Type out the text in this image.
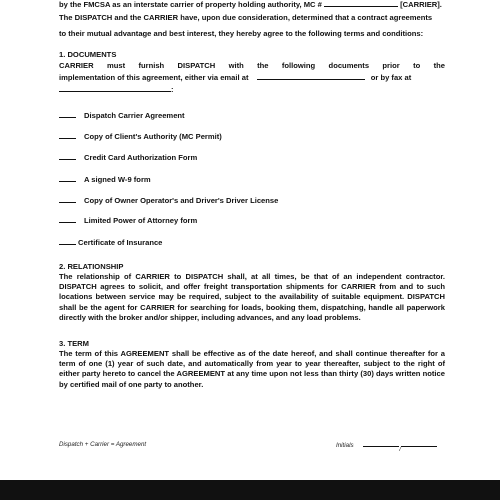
by the FMCSA as an interstate carrier of property holding authority, MC #	[CARRIER].
The DISPATCH and the CARRIER have, upon due consideration, determined that a contract agreements
to their mutual advantage and best interest, they hereby agree to the following terms and conditions:
1. DOCUMENTS
CARRIER must furnish DISPATCH with the following documents prior to the
implementation of this agreement, either via email at	or by fax at
:
Dispatch Carrier Agreement
Copy of Client's Authority (MC Permit)
Credit Card Authorization Form
A signed W-9 form
Copy of Owner Operator's and Driver's Driver License
Limited Power of Attorney form
Certificate of Insurance
2. RELATIONSHIP
The relationship of CARRIER to DISPATCH shall, at all times, be that of an independent contractor. DISPATCH agrees to solicit, and offer freight transportation shipments for CARRIER from and to such locations between service may be required, subject to the availability of suitable equipment. DISPATCH shall be the agent for CARRIER for searching for loads, booking them, dispatching, handle all paperwork directly with the broker and/or shipper, including advances, and any load problems.
3. TERM
The term of this AGREEMENT shall be effective as of the date hereof, and shall continue thereafter for a term of one (1) year of such date, and automatically from year to year thereafter, subject to the right of either party hereto to cancel the AGREEMENT at any time upon not less than thirty (30) days written notice by certified mail of one party to another.
Dispatch + Carrier = Agreement	Initials /
